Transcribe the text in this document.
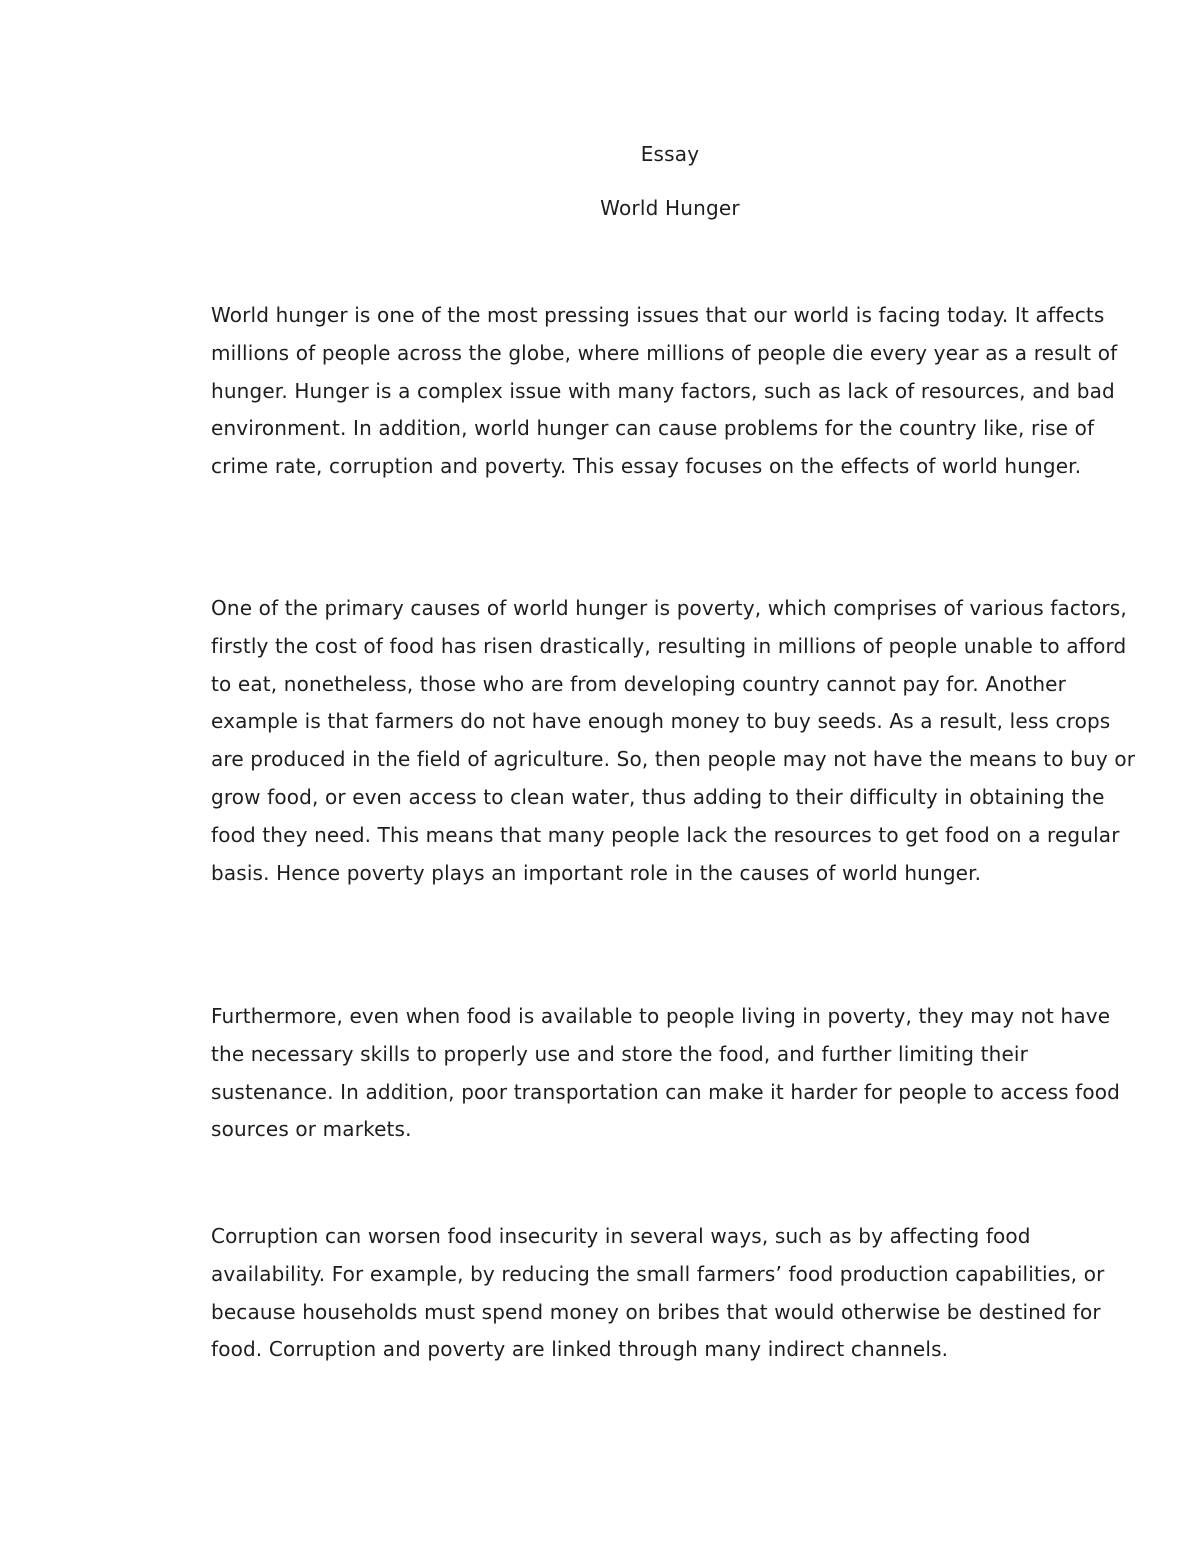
Essay
World Hunger

World hunger is one of the most pressing issues that our world is facing today. It affects millions of people across the globe, where millions of people die every year as a result of hunger. Hunger is a complex issue with many factors, such as lack of resources, and bad environment. In addition, world hunger can cause problems for the country like, rise of crime rate, corruption and poverty. This essay focuses on the effects of world hunger.

One of the primary causes of world hunger is poverty, which comprises of various factors, firstly the cost of food has risen drastically, resulting in millions of people unable to afford to eat, nonetheless, those who are from developing country cannot pay for. Another example is that farmers do not have enough money to buy seeds. As a result, less crops are produced in the field of agriculture. So, then people may not have the means to buy or grow food, or even access to clean water, thus adding to their difficulty in obtaining the food they need. This means that many people lack the resources to get food on a regular basis. Hence poverty plays an important role in the causes of world hunger.

Furthermore, even when food is available to people living in poverty, they may not have the necessary skills to properly use and store the food, and further limiting their sustenance. In addition, poor transportation can make it harder for people to access food sources or markets.

Corruption can worsen food insecurity in several ways, such as by affecting food availability. For example, by reducing the small farmers’ food production capabilities, or because households must spend money on bribes that would otherwise be destined for food. Corruption and poverty are linked through many indirect channels.
